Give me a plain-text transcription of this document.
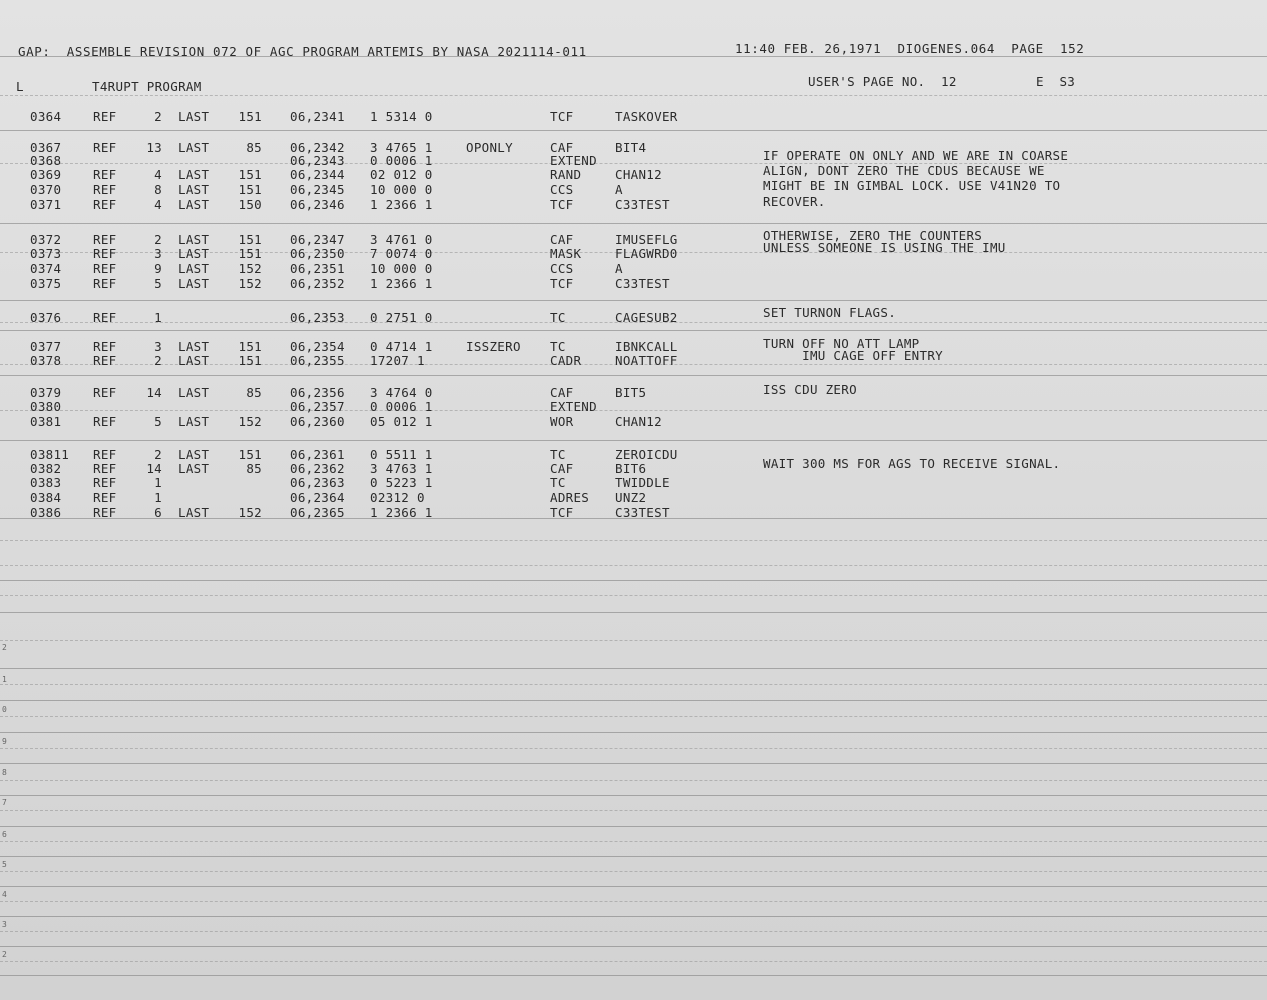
GAP:  ASSEMBLE REVISION 072 OF AGC PROGRAM ARTEMIS BY NASA 2021114-011	11:40 FEB. 26,1971  DIOGENES.064  PAGE  152
L	T4RUPT PROGRAM	USER'S PAGE NO.  12	E  S3
0364	REF	2 LAST	151 06,2341 1 5314 0	TCF	TASKOVER
0367	REF	13 LAST	85 06,2342 3 4765 1	OPONLY	CAF	BIT4
0368	06,2343 0 0006 1	EXTEND
0369	REF	4 LAST	151 06,2344 02 012 0	RAND	CHAN12
0370	REF	8 LAST	151 06,2345 10 000 0	CCS	A
0371	REF	4 LAST	150 06,2346 1 2366 1	TCF	C33TEST
0372	REF	2 LAST	151 06,2347 3 4761 0	CAF	IMUSEFLG
0373	REF	3 LAST	151 06,2350 7 0074 0	MASK	FLAGWRD0
0374	REF	9 LAST	152 06,2351 10 000 0	CCS	A
0375	REF	5 LAST	152 06,2352 1 2366 1	TCF	C33TEST
0376	REF	1	06,2353 0 2751 0	TC	CAGESUB2
0377	REF	3 LAST	151 06,2354 0 4714 1	ISSZERO TC	IBNKCALL
0378	REF	2 LAST	151 06,2355 17207 1	CADR	NOATTOFF
0379	REF	14 LAST	85 06,2356 3 4764 0	CAF	BIT5
0380	06,2357 0 0006 1	EXTEND
0381	REF	5 LAST	152 06,2360 05 012 1	WOR	CHAN12
03811 REF	2 LAST	151 06,2361 0 5511 1	TC	ZEROICDU
0382	REF	14 LAST	85 06,2362 3 4763 1	CAF	BIT6
0383	REF	1	06,2363 0 5223 1	TC	TWIDDLE
0384	REF	1	06,2364 02312 0	ADRES UNZ2
0386	REF	6 LAST	152 06,2365 1 2366 1	TCF	C33TEST
IF OPERATE ON ONLY AND WE ARE IN COARSE
ALIGN, DONT ZERO THE CDUS BECAUSE WE
MIGHT BE IN GIMBAL LOCK. USE V41N20 TO
RECOVER.
OTHERWISE, ZERO THE COUNTERS
UNLESS SOMEONE IS USING THE IMU
SET TURNON FLAGS.
TURN OFF NO ATT LAMP
IMU CAGE OFF ENTRY
ISS CDU ZERO
WAIT 300 MS FOR AGS TO RECEIVE SIGNAL.
2
1
0
9
8
7
6
5
4
3
2
